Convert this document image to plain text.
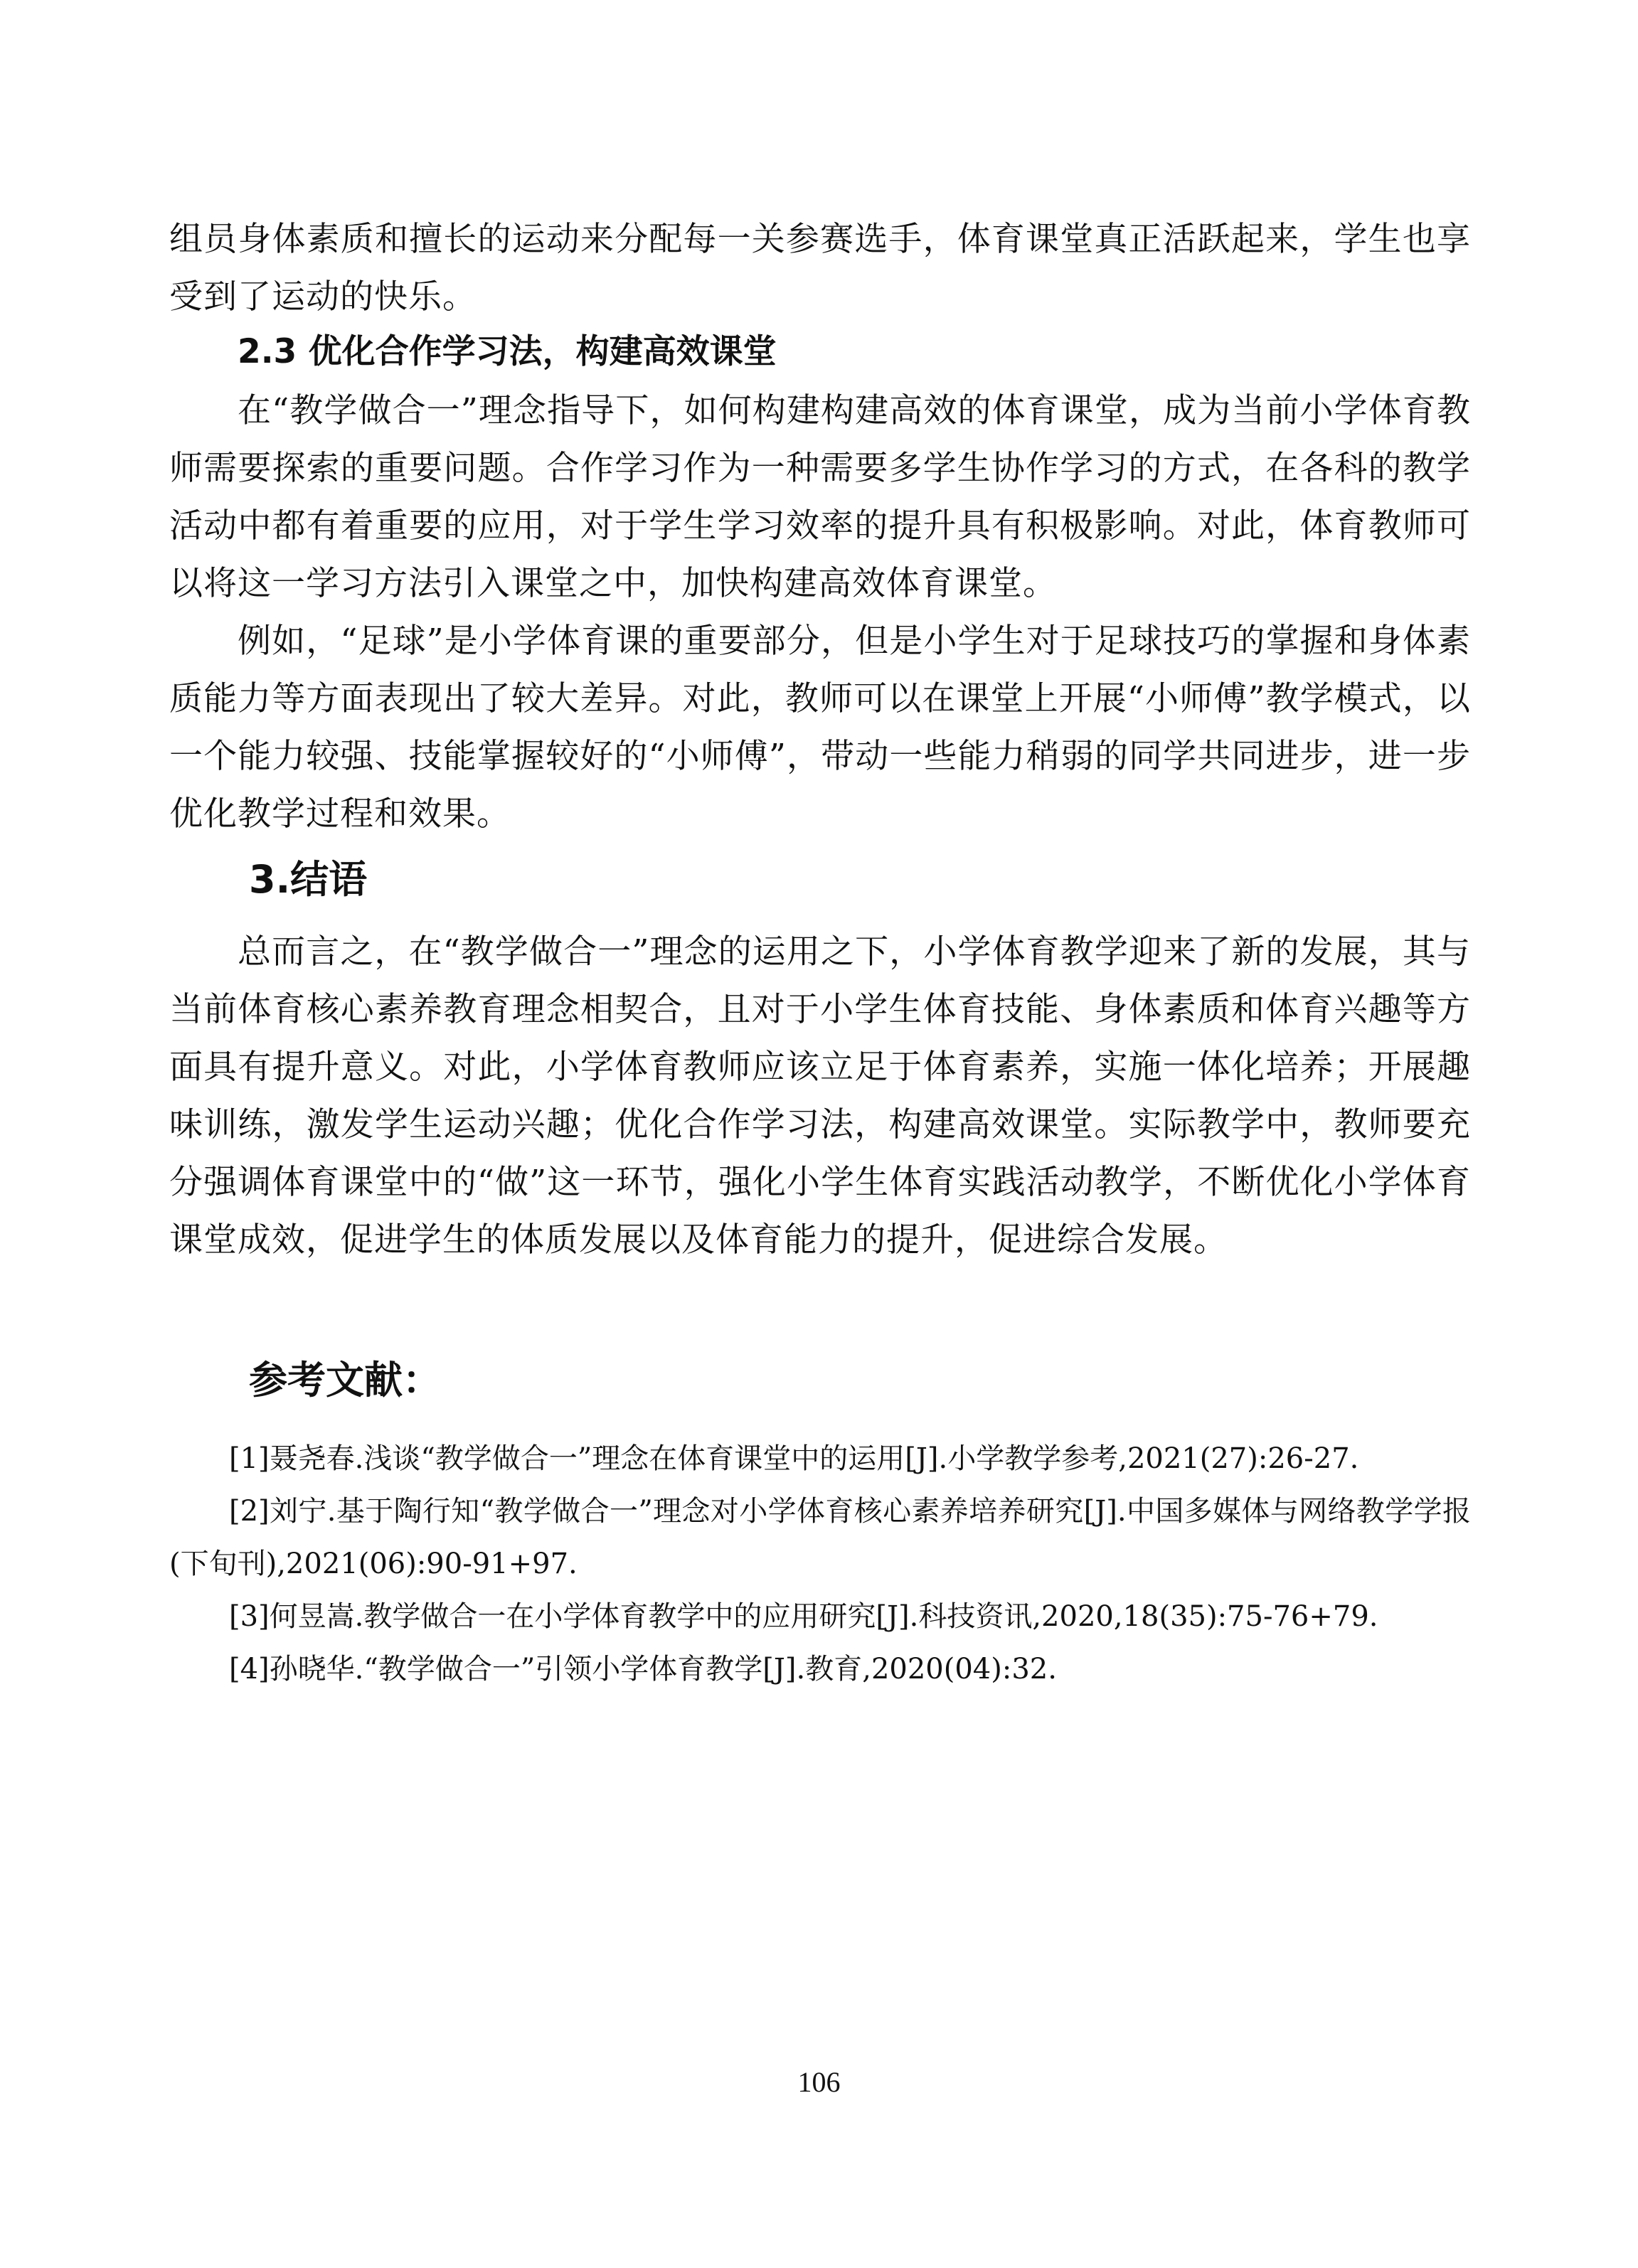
组员身体素质和擅长的运动来分配每一关参赛选手，体育课堂真正活跃起来，学生也享受到了运动的快乐。

2.3 优化合作学习法，构建高效课堂

在“教学做合一”理念指导下，如何构建构建高效的体育课堂，成为当前小学体育教师需要探索的重要问题。合作学习作为一种需要多学生协作学习的方式，在各科的教学活动中都有着重要的应用，对于学生学习效率的提升具有积极影响。对此，体育教师可以将这一学习方法引入课堂之中，加快构建高效体育课堂。

例如，“足球”是小学体育课的重要部分，但是小学生对于足球技巧的掌握和身体素质能力等方面表现出了较大差异。对此，教师可以在课堂上开展“小师傅”教学模式，以一个能力较强、技能掌握较好的“小师傅”，带动一些能力稍弱的同学共同进步，进一步优化教学过程和效果。

3.结语

总而言之，在“教学做合一”理念的运用之下，小学体育教学迎来了新的发展，其与当前体育核心素养教育理念相契合，且对于小学生体育技能、身体素质和体育兴趣等方面具有提升意义。对此，小学体育教师应该立足于体育素养，实施一体化培养；开展趣味训练，激发学生运动兴趣；优化合作学习法，构建高效课堂。实际教学中，教师要充分强调体育课堂中的“做”这一环节，强化小学生体育实践活动教学，不断优化小学体育课堂成效，促进学生的体质发展以及体育能力的提升，促进综合发展。

参考文献：
[1]聂尧春.浅谈“教学做合一”理念在体育课堂中的运用[J].小学教学参考,2021(27):26-27.
[2]刘宁.基于陶行知“教学做合一”理念对小学体育核心素养培养研究[J].中国多媒体与网络教学学报(下旬刊),2021(06):90-91+97.
[3]何昱嵩.教学做合一在小学体育教学中的应用研究[J].科技资讯,2020,18(35):75-76+79.
[4]孙晓华.“教学做合一”引领小学体育教学[J].教育,2020(04):32.

106
